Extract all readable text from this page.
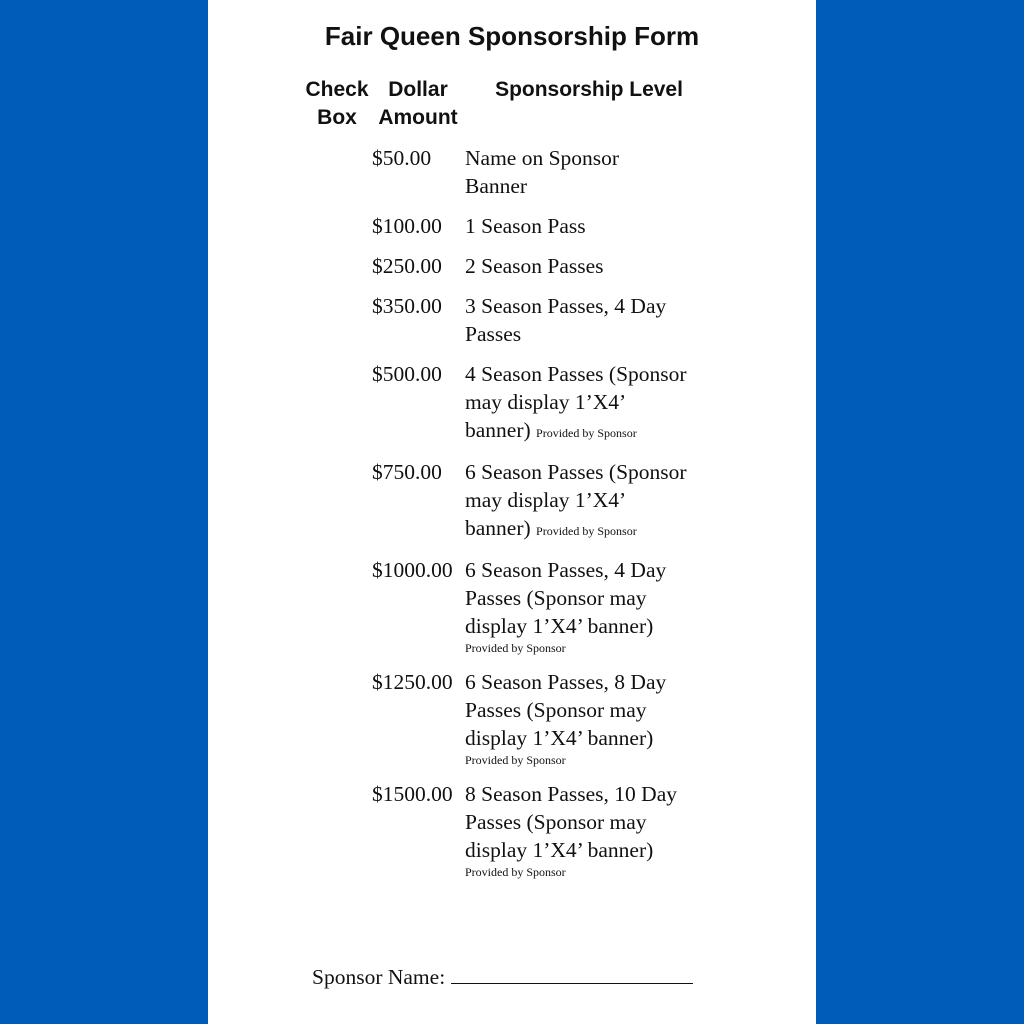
Fair Queen Sponsorship Form
Check
Box
Dollar
Amount
Sponsorship Level
$50.00 Name on Sponsor Banner
$100.00 1 Season Pass
$250.00 2 Season Passes
$350.00 3 Season Passes, 4 Day Passes
$500.00 4 Season Passes (Sponsor may display 1’X4’ banner) Provided by Sponsor
$750.00 6 Season Passes (Sponsor may display 1’X4’ banner) Provided by Sponsor
$1000.00 6 Season Passes, 4 Day Passes (Sponsor may display 1’X4’ banner)
Provided by Sponsor
$1250.00 6 Season Passes, 8 Day Passes (Sponsor may display 1’X4’ banner)
Provided by Sponsor
$1500.00 8 Season Passes, 10 Day Passes (Sponsor may display 1’X4’ banner)
Provided by Sponsor
Sponsor Name:
